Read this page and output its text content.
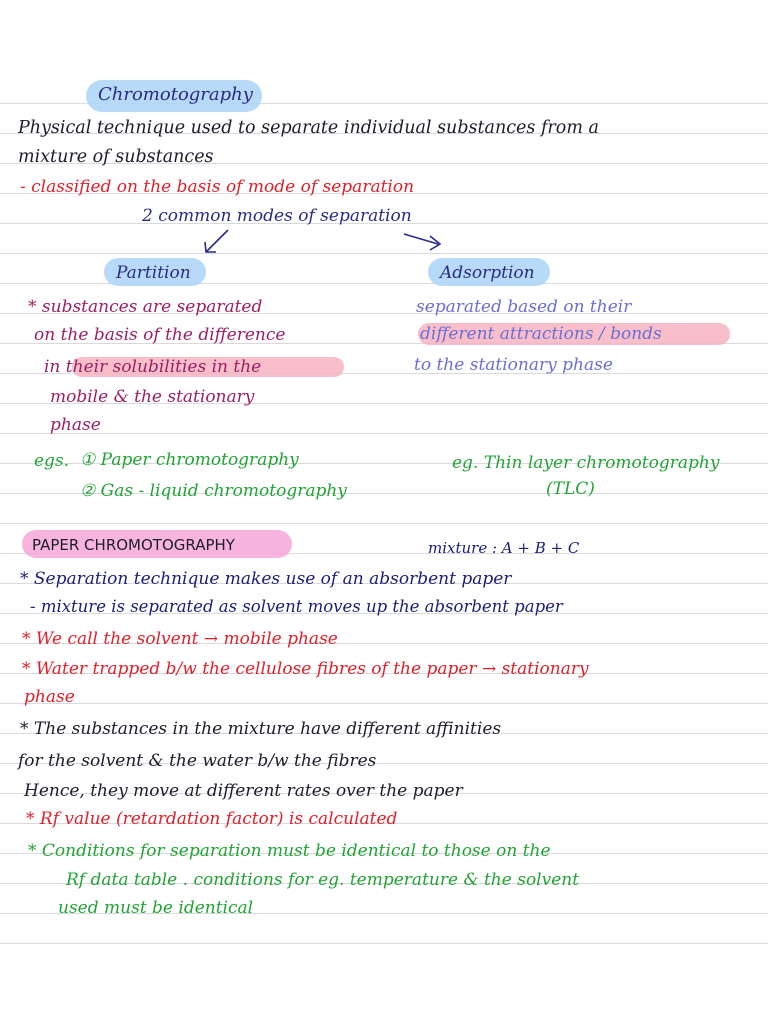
Chromotography
Physical technique used to separate individual substances from a
mixture of substances
- classified on the basis of mode of separation
2 common modes of separation
Partition	Adsorption
* substances are separated
on the basis of the difference
in their solubilities in the
mobile & the stationary
phase
separated based on their
different attractions / bonds
to the stationary phase
egs. ① Paper chromotography
② Gas - liquid chromotography
eg. Thin layer chromotography
(TLC)
PAPER CHROMOTOGRAPHY	mixture : A + B + C
* Separation technique makes use of an absorbent paper
- mixture is separated as solvent moves up the absorbent paper
* We call the solvent → mobile phase
* Water trapped b/w the cellulose fibres of the paper → stationary
phase
* The substances in the mixture have different affinities
for the solvent & the water b/w the fibres
Hence, they move at different rates over the paper
* Rf value (retardation factor) is calculated
* Conditions for separation must be identical to those on the
Rf data table . conditions for eg. temperature & the solvent
used must be identical
